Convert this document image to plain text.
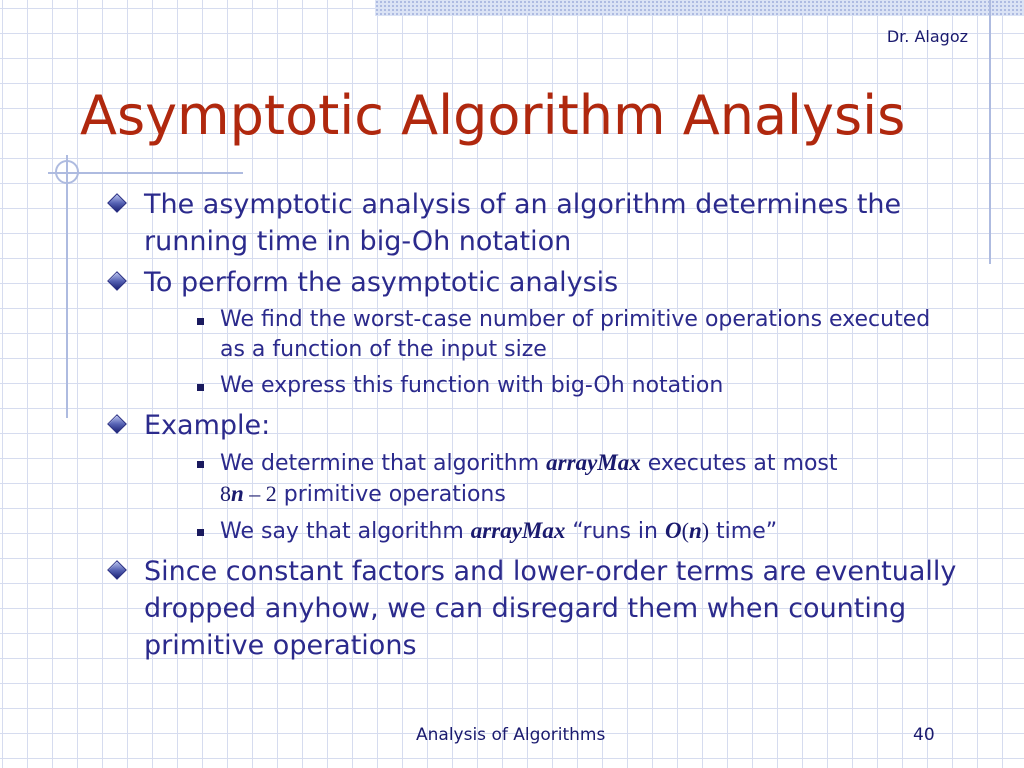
Dr. Alagoz
Asymptotic Algorithm Analysis
The asymptotic analysis of an algorithm determines the running time in big-Oh notation
To perform the asymptotic analysis
We find the worst-case number of primitive operations executed as a function of the input size
We express this function with big-Oh notation
Example:
We determine that algorithm arrayMax executes at most
8n – 2 primitive operations
We say that algorithm arrayMax “runs in O(n) time”
Since constant factors and lower-order terms are eventually dropped anyhow, we can disregard them when counting primitive operations
Analysis of Algorithms	40
